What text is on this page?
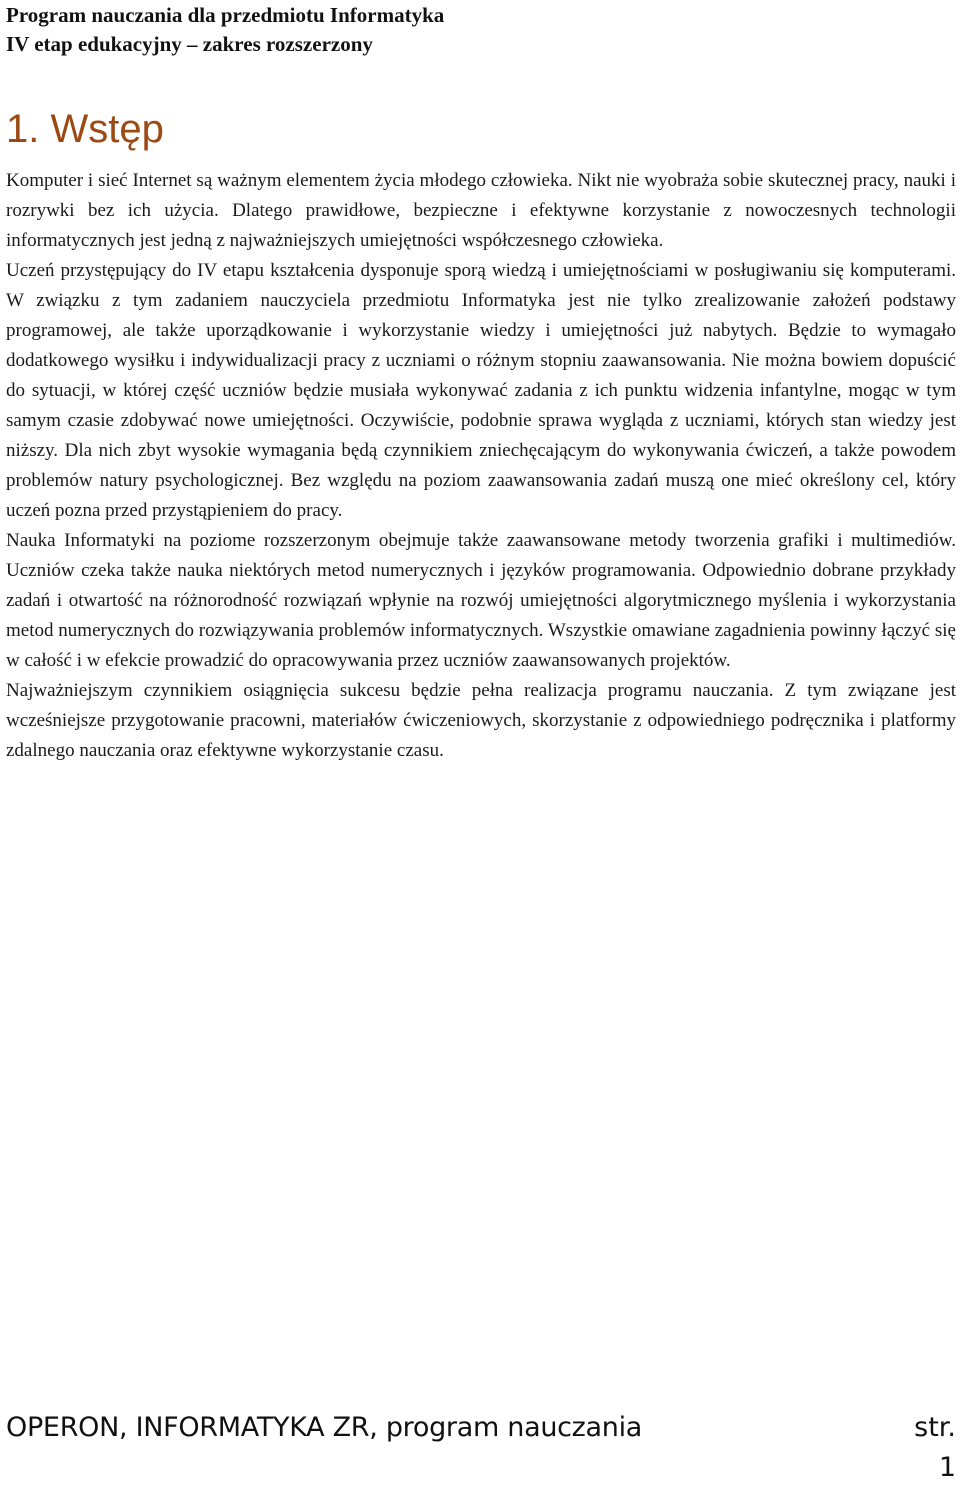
Program nauczania dla przedmiotu Informatyka
IV etap edukacyjny – zakres rozszerzony
1. Wstęp

Komputer i sieć Internet są ważnym elementem życia młodego człowieka. Nikt nie wyobraża sobie skutecznej pracy, nauki i rozrywki bez ich użycia. Dlatego prawidłowe, bezpieczne i efektywne korzystanie z nowoczesnych technologii informatycznych jest jedną z najważniejszych umiejętności współczesnego człowieka.

Uczeń przystępujący do IV etapu kształcenia dysponuje sporą wiedzą i umiejętnościami w posługiwaniu się komputerami. W związku z tym zadaniem nauczyciela przedmiotu Informatyka jest nie tylko zrealizowanie założeń podstawy programowej, ale także uporządkowanie i wykorzystanie wiedzy i umiejętności już nabytych. Będzie to wymagało dodatkowego wysiłku i indywidualizacji pracy z uczniami o różnym stopniu zaawansowania. Nie można bowiem dopuścić do sytuacji, w której część uczniów będzie musiała wykonywać zadania z ich punktu widzenia infantylne, mogąc w tym samym czasie zdobywać nowe umiejętności. Oczywiście, podobnie sprawa wygląda z uczniami, których stan wiedzy jest niższy. Dla nich zbyt wysokie wymagania będą czynnikiem zniechęcającym do wykonywania ćwiczeń, a także powodem problemów natury psychologicznej. Bez względu na poziom zaawansowania zadań muszą one mieć określony cel, który uczeń pozna przed przystąpieniem do pracy.

Nauka Informatyki na poziome rozszerzonym obejmuje także zaawansowane metody tworzenia grafiki i multimediów. Uczniów czeka także nauka niektórych metod numerycznych i języków programowania. Odpowiednio dobrane przykłady zadań i otwartość na różnorodność rozwiązań wpłynie na rozwój umiejętności algorytmicznego myślenia i wykorzystania metod numerycznych do rozwiązywania problemów informatycznych. Wszystkie omawiane zagadnienia powinny łączyć się w całość i w efekcie prowadzić do opracowywania przez uczniów zaawansowanych projektów.

Najważniejszym czynnikiem osiągnięcia sukcesu będzie pełna realizacja programu nauczania. Z tym związane jest wcześniejsze przygotowanie pracowni, materiałów ćwiczeniowych, skorzystanie z odpowiedniego podręcznika i platformy zdalnego nauczania oraz efektywne wykorzystanie czasu.

OPERON, INFORMATYKA ZR, program nauczania	str.
1
